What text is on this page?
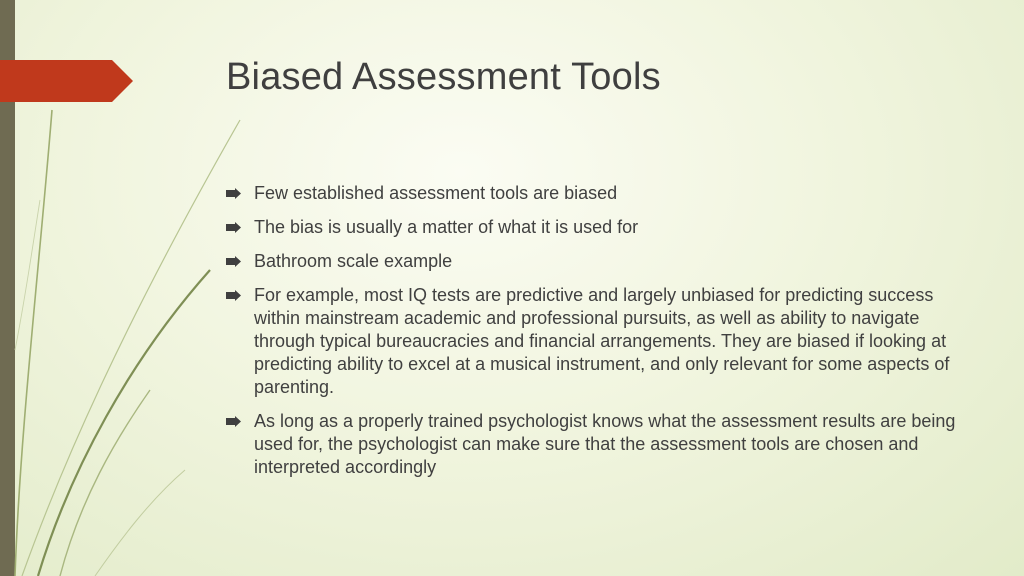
Biased Assessment Tools
Few established assessment tools are biased
The bias is usually a matter of what it is used for
Bathroom scale example
For example, most IQ tests are predictive and largely unbiased for predicting success within mainstream academic and professional pursuits, as well as ability to navigate through typical bureaucracies and financial arrangements. They are biased if looking at predicting ability to excel at a musical instrument, and only relevant for some aspects of parenting.
As long as a properly trained psychologist knows what the assessment results are being used for, the psychologist can make sure that the assessment tools are chosen and interpreted accordingly
